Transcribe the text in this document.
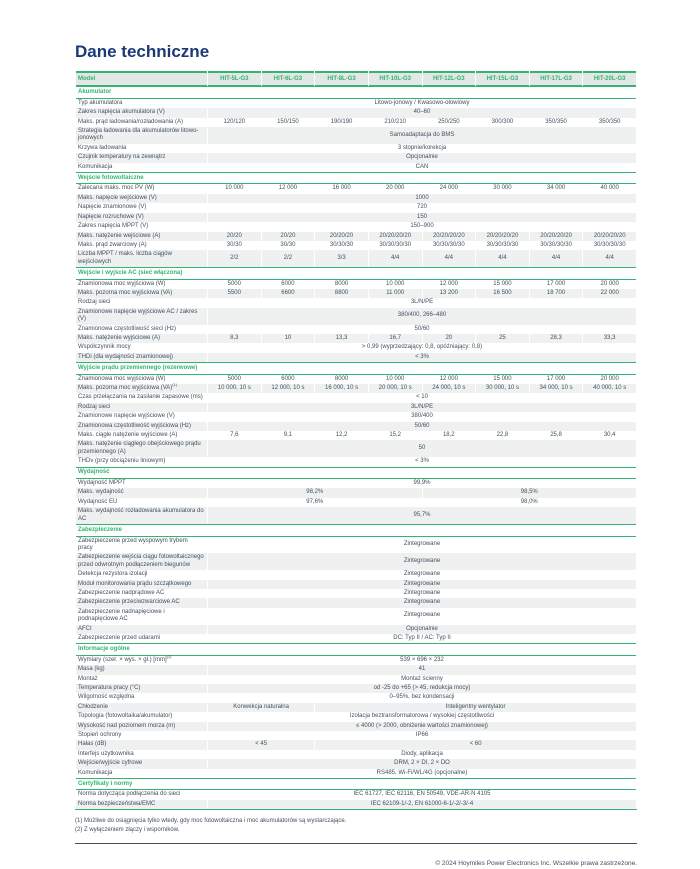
Dane techniczne
Model	HIT-5L-G3	HIT-6L-G3	HIT-8L-G3	HIT-10L-G3	HIT-12L-G3	HIT-15L-G3	HIT-17L-G3	HIT-20L-G3
Akumulator								
Typ akumulatora	Litowo-jonowy / Kwasowo-ołowiowy							
Zakres napięcia akumulatora (V)	40–60							
Maks. prąd ładowania/rozładowania (A)	120/120	150/150	190/190	210/210	250/250	300/300	350/350	350/350
Strategia ładowania dla akumulatorów litowo-jonowych	Samoadaptacja do BMS							
Krzywa ładowania	3 stopnie/korekcja							
Czujnik temperatury na zewnątrz	Opcjonalnie							
Komunikacja	CAN							
Wejście fotowoltaiczne								
Zalecana maks. moc PV (W)	10 000	12 000	16 000	20 000	24 000	30 000	34 000	40 000
Maks. napięcie wejściowe (V)	1000							
Napięcie znamionowe (V)	720							
Napięcie rozruchowe (V)	150							
Zakres napięcia MPPT (V)	150–900							
Maks. natężenie wejściowe (A)	20/20	20/20	20/20/20	20/20/20/20	20/20/20/20	20/20/20/20	20/20/20/20	20/20/20/20
Maks. prąd zwarciowy (A)	30/30	30/30	30/30/30	30/30/30/30	30/30/30/30	30/30/30/30	30/30/30/30	30/30/30/30
Liczba MPPT / maks. liczba ciągów wejściowych	2/2	2/2	3/3	4/4	4/4	4/4	4/4	4/4
Wejście i wyjście AC (sieć włączona)								
Znamionowa moc wyjściowa (W)	5000	6000	8000	10 000	12 000	15 000	17 000	20 000
Maks. pozorna moc wyjściowa (VA)	5500	6600	8800	11 000	13 200	16 500	18 700	22 000
Rodzaj sieci	3L/N/PE							
Znamionowe napięcie wyjściowe AC / zakres (V)	380/400, 266–480							
Znamionowa częstotliwość sieci (Hz)	50/60							
Maks. natężenie wyjściowe (A)	8,3	10	13,3	16,7	20	25	28,3	33,3
Współczynnik mocy	> 0,99 (wyprzedzający: 0,8, opóźniający: 0,8)							
THDi (dla wydajności znamionowej)	< 3%							
Wyjście prądu przemiennego (rezerwowe)								
Znamionowa moc wyjściowa (W)	5000	6000	8000	10 000	12 000	15 000	17 000	20 000
Maks. pozorna moc wyjściowa (VA)$^{(1)}$	10 000, 10 s	12 000, 10 s	16 000, 10 s	20 000, 10 s	24 000, 10 s	30 000, 10 s	34 000, 10 s	40 000, 10 s
Czas przełączania na zasilanie zapasowe (ms)	< 10							
Rodzaj sieci	3L/N/PE							
Znamionowe napięcie wyjściowe (V)	380/400							
Znamionowa częstotliwość wyjściowa (Hz)	50/60							
Maks. ciągłe natężenie wyjściowe (A)	7,6	9,1	12,2	15,2	18,2	22,8	25,8	30,4
Maks. natężenie ciągłego obejściowego prądu przemiennego (A)	50							
THDv (przy obciążeniu liniowym)	< 3%							
Wydajność								
Wydajność MPPT	99,9%							
Maks. wydajność	98,2%				98,5%			
Wydajność EU	97,6%				98,0%			
Maks. wydajność rozładowania akumulatora do AC	95,7%							
Zabezpieczenie								
Zabezpieczenie przed wyspowym trybem pracy	Zintegrowane							
Zabezpieczenie wejścia ciągu fotowoltaicznego przed odwrotnym podłączeniem biegunów	Zintegrowane							
Detekcja rezystora izolacji	Zintegrowane							
Moduł monitorowania prądu szczątkowego	Zintegrowane							
Zabezpieczenie nadprądowe AC	Zintegrowane							
Zabezpieczenie przeciwzwarciowe AC	Zintegrowane							
Zabezpieczenie nadnapięciowe i podnapięciowe AC	Zintegrowane							
AFCI	Opcjonalnie							
Zabezpieczenie przed udarami	DC: Typ II / AC: Typ II							
Informacje ogólne								
Wymiary (szer. × wys. × gł.) [mm]$^{(2)}$	539 × 696 × 232							
Masa (kg)	41							
Montaż	Montaż ścienny							
Temperatura pracy (°C)	od -25 do +65 (> 45, redukcja mocy)							
Wilgotność względna	0–95%, bez kondensacji							
Chłodzenie	Konwekcja naturalna		Inteligentny wentylator					
Topologia (fotowoltaika/akumulator)	Izolacja beztransformatorowa / wysokiej częstotliwości							
Wysokość nad poziomem morza (m)	≤ 4000 (> 2000, obniżenie wartości znamionowej)							
Stopień ochrony	IP66							
Hałas (dB)	< 45		< 60					
Interfejs użytkownika	Diody, aplikacja							
Wejście/wyjście cyfrowe	DRM, 2 × DI, 2 × DO							
Komunikacja	RS485, Wi-Fi/WL/4G (opcjonalne)							
Certyfikaty i normy								
Norma dotycząca podłączenia do sieci	IEC 61727, IEC 62116, EN 50549, VDE-AR-N 4105							
Norma bezpieczeństwa/EMC	IEC 62109-1/-2, EN 61000-6-1/-2/-3/-4							
(1) Możliwe do osiągnięcia tylko wtedy, gdy moc fotowoltaiczna i moc akumulatorów są wystarczające.
(2) Z wyłączeniem złączy i wsporników.
© 2024 Hoymiles Power Electronics Inc. Wszelkie prawa zastrzeżone.
